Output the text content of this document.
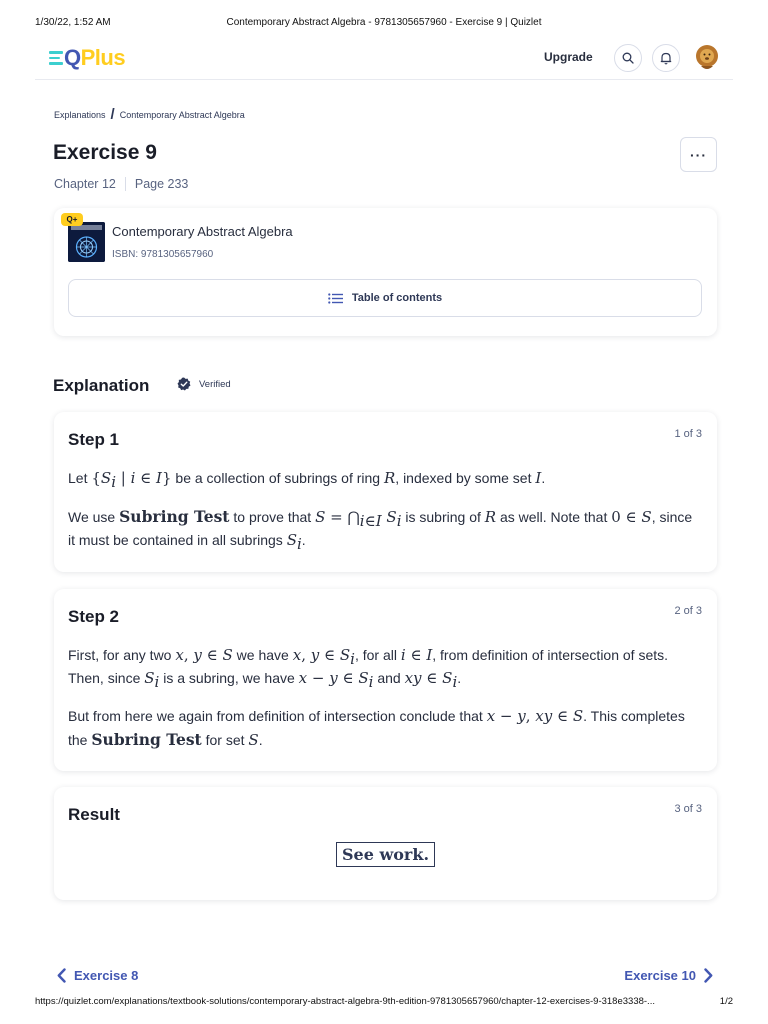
1/30/22, 1:52 AM	Contemporary Abstract Algebra - 9781305657960 - Exercise 9 | Quizlet
QPlus	Upgrade
Explanations / Contemporary Abstract Algebra
Exercise 9	···
Chapter 12 Page 233
Q+
Contemporary Abstract Algebra
ISBN: 9781305657960
Table of contents
Explanation	Verified
Step 1	1 of 3

Let {$S_i$ | i ∈ I} be a collection of subrings of ring R, indexed by some set I.

We use Subring Test to prove that $S = ⋂_{i\in I}$ $S_i$ is subring of R as well. Note that 0 ∈ S, since it must be contained in all subrings $S_i$.

Step 2	2 of 3

First, for any two x, y ∈ S we have x, y ∈ $S_i$, for all i ∈ I, from definition of intersection of sets. Then, since $S_i$ is a subring, we have x − y ∈ $S_i$ and xy ∈ $S_i$.

But from here we again from definition of intersection conclude that x − y, xy ∈ S. This completes the Subring Test for set S.

Result	3 of 3
See work.
Exercise 8	Exercise 10
https://quizlet.com/explanations/textbook-solutions/contemporary-abstract-algebra-9th-edition-9781305657960/chapter-12-exercises-9-318e3338-...	1/2
